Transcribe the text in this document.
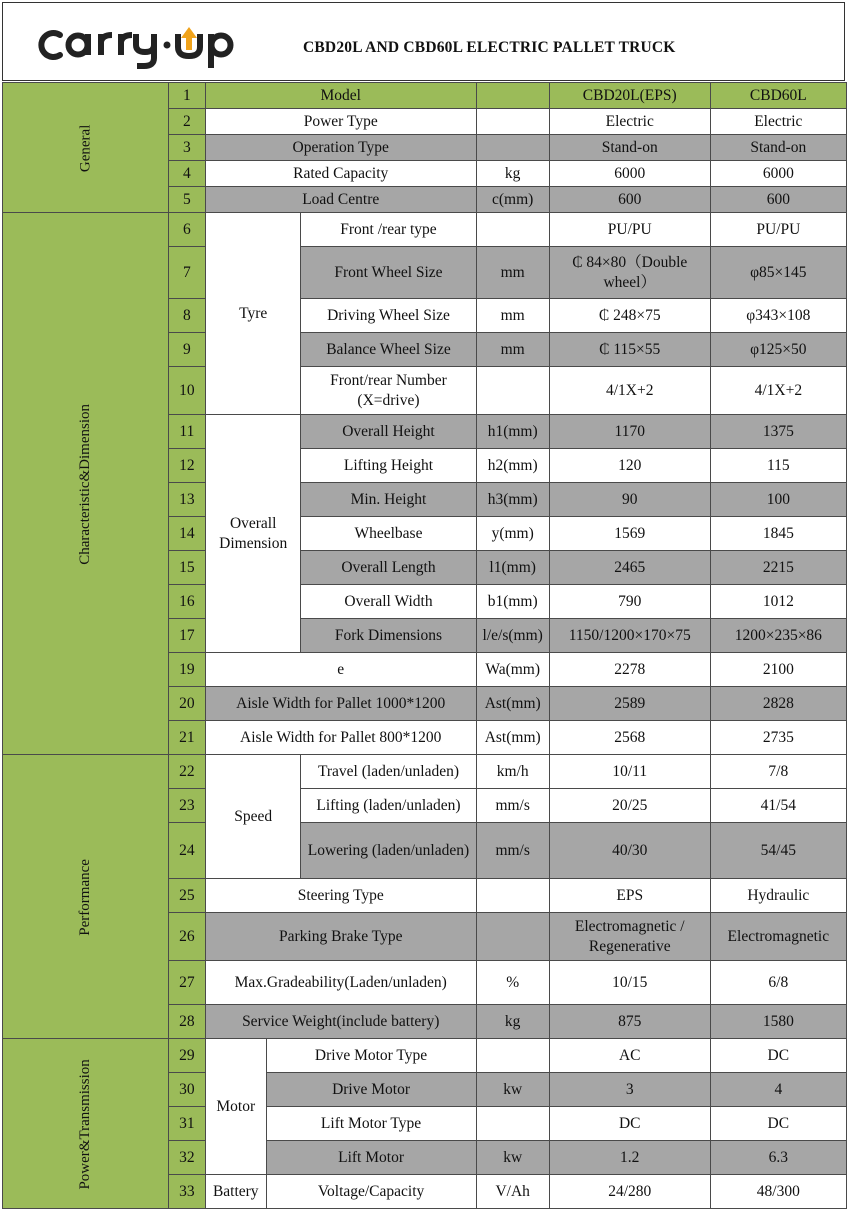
CBD20L AND CBD60L ELECTRIC PALLET TRUCK
General	1	Model				CBD20L(EPS)	CBD60L
	2	Power Type				Electric	Electric
	3	Operation Type				Stand-on	Stand-on
	4	Rated Capacity			kg	6000	6000
	5	Load Centre			c(mm)	600	600
Characteristic&Dimension	6	Tyre		Front /rear type		PU/PU	PU/PU
	7			Front Wheel Size	mm	₵ 84×80（Double wheel）	φ85×145
	8			Driving Wheel Size	mm	₵ 248×75	φ343×108
	9			Balance Wheel Size	mm	₵ 115×55	φ125×50
	10			Front/rear Number (X=drive)		4/1X+2	4/1X+2
	11	Overall Dimension		Overall Height	h1(mm)	1170	1375
	12			Lifting Height	h2(mm)	120	115
	13			Min. Height	h3(mm)	90	100
	14			Wheelbase	y(mm)	1569	1845
	15			Overall Length	l1(mm)	2465	2215
	16			Overall Width	b1(mm)	790	1012
	17			Fork Dimensions	l/e/s(mm)	1150/1200×170×75	1200×235×86
	19	e			Wa(mm)	2278	2100
	20	Aisle Width for Pallet 1000*1200			Ast(mm)	2589	2828
	21	Aisle Width for Pallet 800*1200			Ast(mm)	2568	2735
Performance	22	Speed		Travel (laden/unladen)	km/h	10/11	7/8
	23			Lifting (laden/unladen)	mm/s	20/25	41/54
	24			Lowering (laden/unladen)	mm/s	40/30	54/45
	25	Steering Type				EPS	Hydraulic
	26	Parking Brake Type				Electromagnetic / Regenerative	Electromagnetic
	27	Max.Gradeability(Laden/unladen)			%	10/15	6/8
	28	Service Weight(include battery)			kg	875	1580
Power&Transmission	29	Motor	Drive Motor Type			AC	DC
	30		Drive Motor		kw	3	4
	31		Lift Motor Type			DC	DC
	32		Lift Motor		kw	1.2	6.3
	33	Battery	Voltage/Capacity		V/Ah	24/280	48/300
